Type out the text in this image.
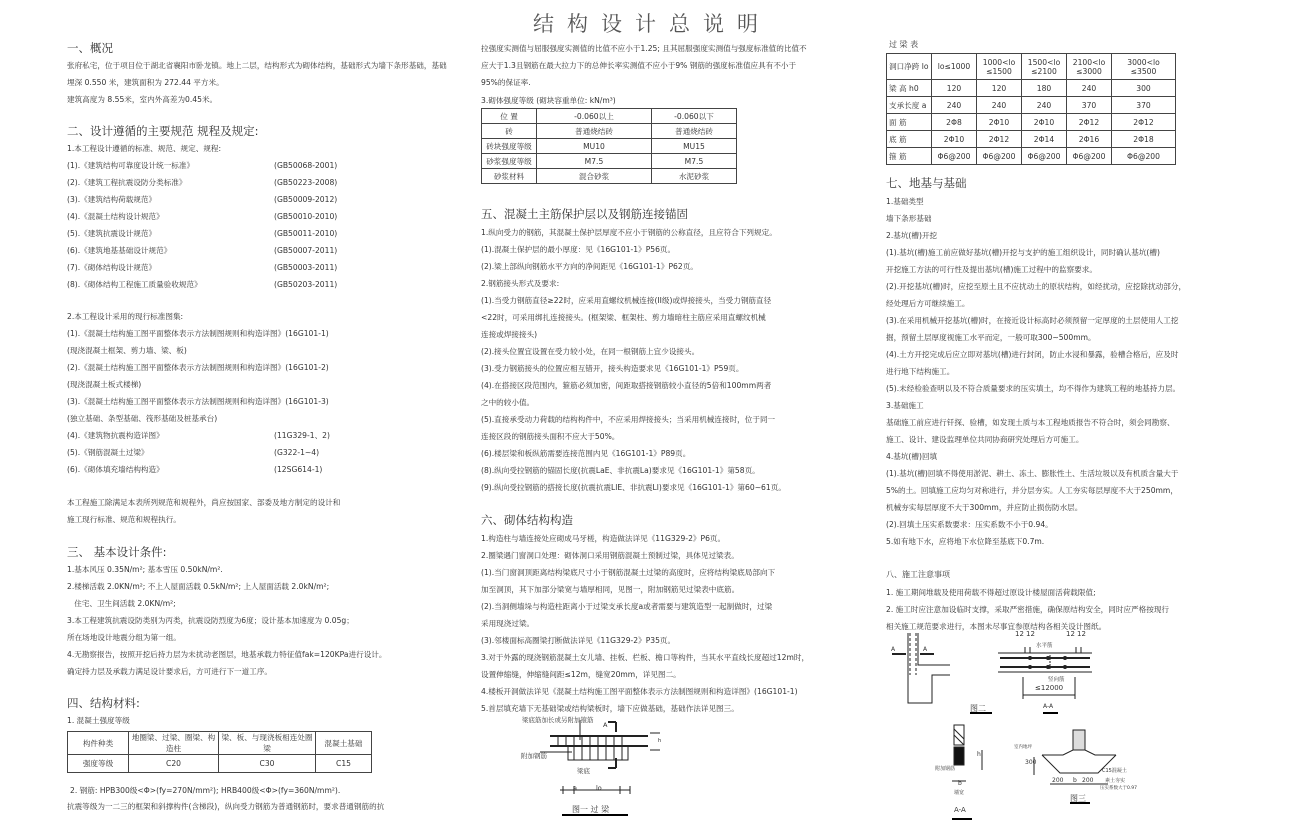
结构设计总说明
一、概况
张府私宅，位于项目位于湖北省襄阳市卧龙镇。地上二层，结构形式为砌体结构，基础形式为墙下条形基础，基础
埋深 0.550 米，建筑面积为 272.44 平方米。
建筑高度为 8.55米，室内外高差为0.45米。
二、设计遵循的主要规范 规程及规定:
1.本工程设计遵循的标准、规范、规定、规程:
(1).《建筑结构可靠度设计统一标准》	(GB50068-2001)
(2).《建筑工程抗震设防分类标准》	(GB50223-2008)
(3).《建筑结构荷载规范》	(GB50009-2012)
(4).《混凝土结构设计规范》	(GB50010-2010)
(5).《建筑抗震设计规范》	(GB50011-2010)
(6).《建筑地基基础设计规范》	(GB50007-2011)
(7).《砌体结构设计规范》	(GB50003-2011)
(8).《砌体结构工程施工质量验收规范》	(GB50203-2011)
2.本工程设计采用的现行标准图集:
(1).《混凝土结构施工图平面整体表示方法制图规则和构造详图》(16G101-1)
(现浇混凝土框架、剪力墙、梁、板)
(2).《混凝土结构施工图平面整体表示方法制图规则和构造详图》(16G101-2)
(现浇混凝土板式楼梯)
(3).《混凝土结构施工图平面整体表示方法制图规则和构造详图》(16G101-3)
(独立基础、条型基础、筏形基础及桩基承台)
(4).《建筑物抗震构造详图》	(11G329-1、2)
(5).《钢筋混凝土过梁》	(G322-1~4)
(6).《砌体填充墙结构构造》	(12SG614-1)
本工程施工除满足本表所列规范和规程外，尚应按国家、部委及地方制定的设计和
施工现行标准、规范和规程执行。
三、 基本设计条件:
1.基本风压 0.35N/m²; 基本雪压 0.50kN/m².
2.楼梯活载 2.0KN/m²; 不上人屋面活载 0.5kN/m²; 上人屋面活载 2.0kN/m²;
住宅、卫生间活载 2.0KN/m²;
3.本工程建筑抗震设防类别为丙类，抗震设防烈度为6度；设计基本加速度为 0.05g；
所在场地设计地震分组为第一组。
4.无勘察报告，按照开挖后持力层为未扰动老图层，地基承载力特征值fak=120KPa进行设计。
确定持力层及承载力满足设计要求后，方可进行下一道工序。
四、结构材料:
1. 混凝土强度等级
构件种类	地圈梁、过梁、圈梁、构造柱	梁、板、与现浇板相连处圈梁	混凝土基础
强度等级	C20	C30	C15
2. 钢筋: HPB300级<Φ>(fy=270N/mm²); HRB400级<Φ>(fy=360N/mm²).
抗震等级为一二三的框架和斜撑构件(含梯段)，纵向受力钢筋为普通钢筋时，要求普通钢筋的抗
拉强度实测值与屈服强度实测值的比值不应小于1.25; 且其屈服强度实测值与强度标准值的比值不
应大于1.3且钢筋在最大拉力下的总伸长率实测值不应小于9% 钢筋的强度标准值应具有不小于
95%的保证率.
3.砌体强度等级 (砌块容重单位: kN/m³)
位 置	-0.060以上	-0.060以下
砖	普通烧结砖	普通烧结砖
砖块强度等级	MU10	MU15
砂浆强度等级	M7.5	M7.5
砂浆材料	混合砂浆	水泥砂浆
五、混凝土主筋保护层以及钢筋连接锚固
1.纵向受力的钢筋，其混凝土保护层厚度不应小于钢筋的公称直径，且应符合下列规定。
(1).混凝土保护层的最小厚度：见《16G101-1》P56页。
(2).梁上部纵向钢筋水平方向的净间距见《16G101-1》P62页。
2.钢筋接头形式及要求:
(1).当受力钢筋直径≥22时，应采用直螺纹机械连接(II级)或焊接接头，当受力钢筋直径
<22时，可采用绑扎连接接头。(框架梁、框架柱、剪力墙暗柱主筋应采用直螺纹机械
连接或焊接接头)
(2).接头位置宜设置在受力较小处，在同一根钢筋上宜少设接头。
(3).受力钢筋接头的位置应相互错开，接头构造要求见《16G101-1》P59页。
(4).在搭接区段范围内，箍筋必须加密，间距取搭接钢筋较小直径的5倍和100mm两者
之中的较小值。
(5).直接承受动力荷载的结构构件中，不应采用焊接接头；当采用机械连接时，位于同一
连接区段的钢筋接头面积不应大于50%。
(6).楼层梁和板纵筋需要连接范围内见《16G101-1》P89页。
(8).纵向受拉钢筋的锚固长度(抗震LaE、非抗震La)要求见《16G101-1》第58页。
(9).纵向受拉钢筋的搭接长度(抗震抗震LlE、非抗震Ll)要求见《16G101-1》第60~61页。
六、砌体结构构造
1.构造柱与墙连接处应砌成马牙槎，构造做法详见《11G329-2》P6页。
2.圈梁遇门窗洞口处理：砌体洞口采用钢筋混凝土预制过梁，具体见过梁表。
(1).当门窗洞顶距离结构梁底尺寸小于钢筋混凝土过梁的高度时，应将结构梁底局部向下
加至洞顶，其下加部分梁宽与墙厚相同，见图一，附加钢筋见过梁表中底筋。
(2).当洞侧墙垛与构造柱距离小于过梁支承长度a或者需要与建筑造型一起制做时，过梁
采用现浇过梁。
(3).邻楼面标高圈梁打断做法详见《11G329-2》P35页。
3.对于外露的现浇钢筋混凝土女儿墙、挂板、栏板、檐口等构件，当其水平直线长度超过12m时，
设置伸缩缝，伸缩缝间距≤12m，缝宽20mm，详见图二。
4.楼板开洞做法详见《混凝土结构施工图平面整体表示方法制图规则和构造详图》(16G101-1)
5.首层填充墙下无基础梁或结构梁板时，墙下应做基础，基础作法详见图三。
梁底筋加长或另附加箍筋
附加钢筋
梁底
a	lo
A
h
图一 过 梁
过 梁 表
洞口净跨 lo	lo≤1000	1000<lo ≤1500	1500<lo ≤2100	2100<lo ≤3000	3000<lo ≤3500
梁 高 h0	120	120	180	240	300
支承长度 a	240	240	240	370	370
面 筋	2Φ8	2Φ10	2Φ10	2Φ12	2Φ12
底 筋	2Φ10	2Φ12	2Φ14	2Φ16	2Φ18
箍 筋	Φ6@200	Φ6@200	Φ6@200	Φ6@200	Φ6@200
七、地基与基础
1.基础类型
墙下条形基础
2.基坑(槽)开挖
(1).基坑(槽)施工前应做好基坑(槽)开挖与支护的施工组织设计，同时确认基坑(槽)
开挖施工方法的可行性及提出基坑(槽)施工过程中的监察要求。
(2).开挖基坑(槽)时，应挖至原土且不应扰动土的原状结构，如经扰动，应挖除扰动部分，
经处理后方可继续施工。
(3).在采用机械开挖基坑(槽)时，在接近设计标高时必须预留一定厚度的土层使用人工挖
掘，预留土层厚度视施工水平而定，一般可取300~500mm。
(4).土方开挖完成后应立即对基坑(槽)进行封闭，防止水浸和暴露，验槽合格后，应及时
进行地下结构施工。
(5).未经检验查明以及不符合质量要求的压实填土，均不得作为建筑工程的地基持力层。
3.基础施工
基础施工前应进行钎探、验槽，如发现土质与本工程地质报告不符合时，须会同勘察、
施工、设计、建设监理单位共同协商研究处理后方可施工。
4.基坑(槽)回填
(1).基坑(槽)回填不得使用淤泥、耕土、冻土、膨胀性土、生活垃圾以及有机质含量大于
5%的土。回填施工应均匀对称进行，并分层夯实。人工夯实每层厚度不大于250mm，
机械夯实每层厚度不大于300mm，并应防止损伤防水层。
(2).回填土压实系数要求：压实系数不小于0.94。
5.如有地下水，应将地下水位降至基底下0.7m.
八、施工注意事项
1. 施工期间堆载及使用荷载不得超过原设计楼屋面活荷载限值;
2. 施工时应注意加设临时支撑，采取严密措施，确保原结构安全，同时应严格按现行
相关施工规范要求进行，本图未尽事宜参原结构各相关设计图纸。
A	A
12 12	12 12
水平筋
竖向筋
≤12000
图二	A-A
附加钢筋
b
墙宽
h
A-A
室内地坪
300
C15混凝土
素土夯实
压实系数大于0.97
200 b 200
图三
